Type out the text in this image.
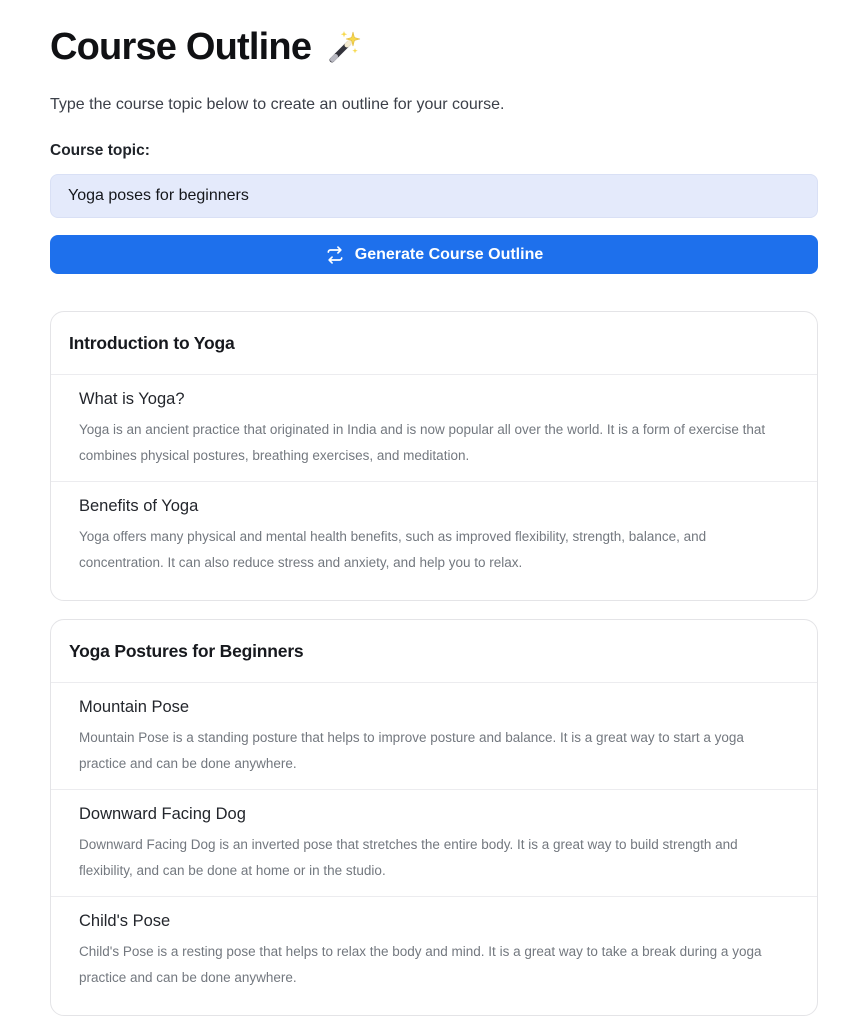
Course Outline

Type the course topic below to create an outline for your course.

Course topic:
Yoga poses for beginners
Generate Course Outline
Introduction to Yoga
What is Yoga?
Yoga is an ancient practice that originated in India and is now popular all over the world. It is a form of exercise that combines physical postures, breathing exercises, and meditation.
Benefits of Yoga
Yoga offers many physical and mental health benefits, such as improved flexibility, strength, balance, and concentration. It can also reduce stress and anxiety, and help you to relax.
Yoga Postures for Beginners
Mountain Pose
Mountain Pose is a standing posture that helps to improve posture and balance. It is a great way to start a yoga practice and can be done anywhere.
Downward Facing Dog
Downward Facing Dog is an inverted pose that stretches the entire body. It is a great way to build strength and flexibility, and can be done at home or in the studio.
Child's Pose
Child's Pose is a resting pose that helps to relax the body and mind. It is a great way to take a break during a yoga practice and can be done anywhere.
